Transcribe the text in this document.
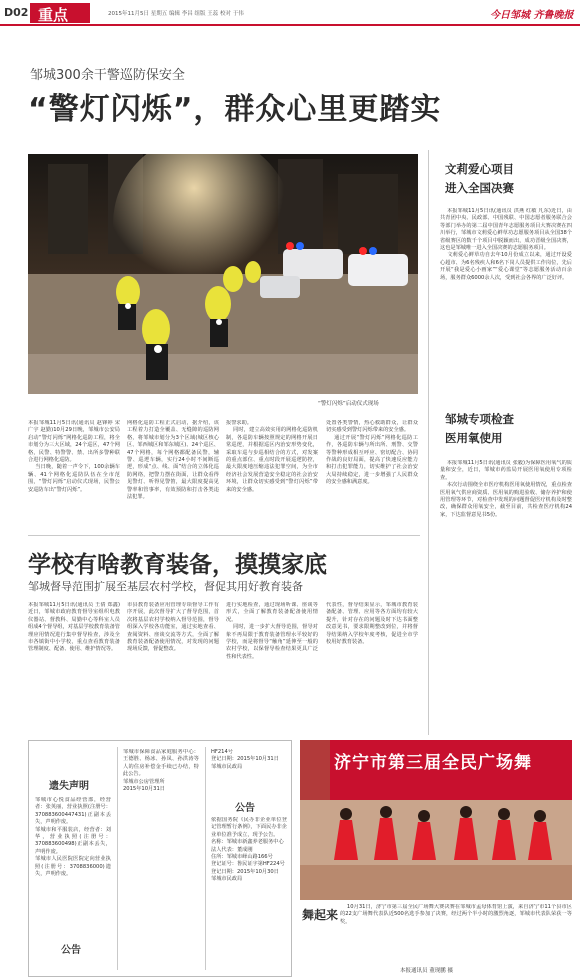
D02 重点	2015年11月5日 星期五 编辑 李昌 组版 王蕊 校对 于伟	今日邹城 齐鲁晚报
邹城300余干警巡防保安全
“警灯闪烁”，群众心里更踏实
“警灯闪烁”启动仪式现场
本报邹城11月5日讯(通讯员 赵锋婷 宋广宇 赵勤)10月29日晚，邹城市公安局启动“警灯闪烁”网格化巡防工程，将全市划分为三大区域，24个巡区，47个网格，民警、特警警、禁、出所多警种联合进行网格化巡防。
当日晚，随着一声令下，100余辆车辆、41个网格化巡防队伍在全市范围，“警灯闪烁”启动仪式现场，民警公安巡防车出“警灯闪烁”。
网格化巡防工程正式启动，据介绍，该工程着力打造全覆盖、无缝隙的巡防网格，将邹城市划分为3个区域(城区核心区、邹西城区和邹东城区)、24个巡区、47个网格，每个网格都配备民警，辅警、巡逻车辆，实行24小时不间断巡逻，形成“点、线、面”结合的立体化巡防网络，把警力摆在街面，让群众看得见警灯、听得见警笛，最大限度提高见警率和管事率，有效预防和打击各类违法犯罪。
报警求助。
同时，建立高效实用的网格化巡防机制，各巡防车辆按照规定的网格开展日常巡逻，并根据巡区内治安形势变化，采取车巡与步巡相结合的方式，对发案的重点部位、重点时段开展巡逻防控，最大限度地压缩违法犯罪空间，为全市经济社会发展营造安全稳定的社会治安环境，让群众切实感受到“警灯闪烁”带来的安全感。
处置各类警情，热心救助群众，让群众切实感受到警灯闪烁带来的安全感。
通过开展“警灯闪烁”网格化巡防工作，各巡防车辆与所出所、刑警、交警等警种形成相互呼应、密切配合、协同作战的良好局面，提高了快速反应能力和打击犯罪能力，切实维护了社会治安大局持续稳定，进一步增强了人民群众的安全感和满意度。
学校有啥教育装备，摸摸家底
邹城督导范围扩展至基层农村学校，督促其用好教育装备
本报邹城11月5日讯(通讯员 王倩 郑鑫)近日，邹城市政府教育督导室组织电教仪器站、督教科、局勤中心等科室人员组成4个督导组，对基层学校教育装备管理应用情况进行集中督导检查，涉及全市各镇街中小学校，重点查看教育装备管理制度、配备、使用、维护情况等。
市县教育装备应用管理专项督导工作有序开展，此次督导扩大了督导范围，首次将基层农村学校纳入督导范围，督导组深入学校各功能室，通过实地查看、查阅资料、座谈交流等方式，全面了解教育装备配备使用情况，对发现的问题现场反馈，督促整改。
进行实地检查，通过现场听课、座谈等形式，全面了解教育装备配备使用情况。
同时，进一步扩大督导范围，督导对象不再局限于教育装备管理水平较好的学校，而是将督导“触角”延伸至一般的农村学校，以保督导检查结果更具广泛性和代表性。
代表性，督导结果显示，邹城市教育装备配备、管理、应用等各方面均有较大提升，针对存在的问题及时下达书面整改意见书，要求限期整改到位，并将督导结果纳入学校年度考核，促进全市学校用好教育装备。
文莉爱心项目
进入全国决赛
本报邹城11月5日讯(通讯员 洪燕 红敏 凡东)近日，由共青团中央、民政部、中国残联、中国志愿者服务联合会等部门举办的第二届中国青年志愿服务项目大赛决赛在四川举行，邹城市文莉爱心鲜草功志愿服务项目从全国38个省级赛区的数千个项目中脱颖而出，成功晋级全国决赛，这也是邹城唯一进入全国决赛的志愿服务项目。
文莉爱心鲜草功自去年10月份成立以来，通过开设爱心超市、为6名残疾人和6名下岗人员提供工作岗位，先后开展“我是爱心小画家”“爱心课堂”等志愿服务活动百余场，服务群众6000余人次，受到社会各界的广泛好评。
邹城专项检查
医用氧使用
本报邹城11月5日讯(通讯员 张毅)为保障医用氧气的质量和安全，近日，邹城市药监局开展医用氧使用专项检查。
本次行动围绕全市医疗机构医用氧使用情况，重点检查医用氧气供应商资质、医用氧的购进验收、储存养护和使用管理等环节，对检查中发现的问题督促医疗机构及时整改，确保群众用氧安全，截至目前，共检查医疗机构24家，下达监督意见书5份。
遗失声明
邹城市心悦食品经营部，经营者：张英丽，营业执照(注册号：370883600447431)正副本丢失，声明作废。
邹城市和平服装店，经营者：刘华，营业执照(注册号：370883600498)正副本丢失，声明作废。
邹城市人民医院医院定向营业执照(注册号：3708836000)遗失，声明作废。
公告
邹城市保障食品家庭服务中心：王德胜、杨冰、孙凤、孙洪涛等人的住房补偿金手续已办结，特此公告。
邹城市公房管理所
2015年10月31日
HF214号
登记日期：2015年10月31日
邹城市民政局
公告
依据国务院《民办非企业单位登记管理暂行条例》，下面民办非企业单位准予成立，现予公告。
名称：邹城市新鑫养老服务中心
法人代表：董成刚
住所：邹城市峄山路166号
登记证号：鲁民证字第HF224号
登记日期：2015年10月30日
邹城市民政局
济宁市第三届全民广场舞
舞起来
10月31日，济宁市第三届全民广场舞大赛决赛在邹城市孟母体育馆上演，来自济宁市11个县市区的22支广场舞代表队近500名选手参加了决赛，经过两个半小时的激烈角逐，邹城市代表队荣获一等奖。
本报通讯员 董现鹏 摄
